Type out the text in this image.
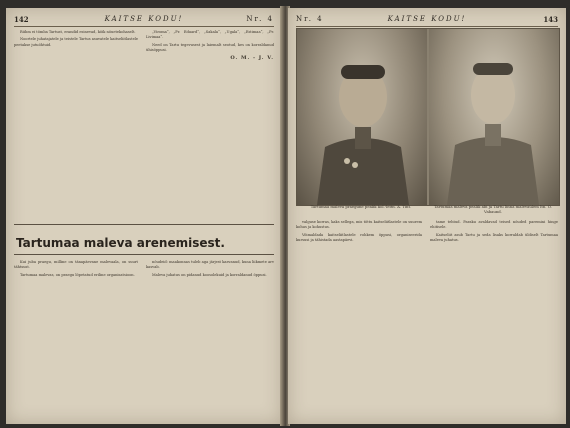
142	KAITSE KODU!	Nr. 4

Rühm ei tõmba Tartust, erandid esinevad, kõik nõuetekohaselt.

Noortele juhatajatele ja teistele Tartus asuvatele kaitseliitlastele peetakse jutuõhtuid.

„Viroma“, „Pr. Eduard“, „Sakala“, „Ugala“, „Estimaa“, „Pr. Livimaa“.

Need on Tartu tegevusest ja laiemalt seotud, kes on korraldanud ühisõppusi.

O. M. - J. V.
Tartumaa maleva arenemisest.

Kui juba praegu, milline on tänapäevane malevaala, on suurt tähtsust.

Tartumaa malevas, on praegu lõpetatud eriline organisatsioon.

nõudeid: maakonnas tuleb aga järjest kasvanud, kuna liikmete arv kasvab.

Maleva juhatus on pidanud koosolekuid ja korraldanud õppusi.

Nr. 4	KAITSE KODU!	143
Tartumaa maleva praegune pealik kol.-leitn. A. Tint.	Tartumaa maleva pealik abi ja Tartu linna malevaülem ltn. O. Vabaund.

valguse korras, kaks sellega, mis tõttu kaitseliitlastele on suurem kohus ja kohustus.

Võimaldada kaitseliitlastele rohkem õppusi, organiseerida kursusi ja tähistada aastapäevi.

tame tehtud. Paraku avaldavad teised nõuded paremini hinge ehitisele.

Kaitseliit asub Tartu ja seda lisaks korraldab üldiselt Tartumaa maleva juhatus.
